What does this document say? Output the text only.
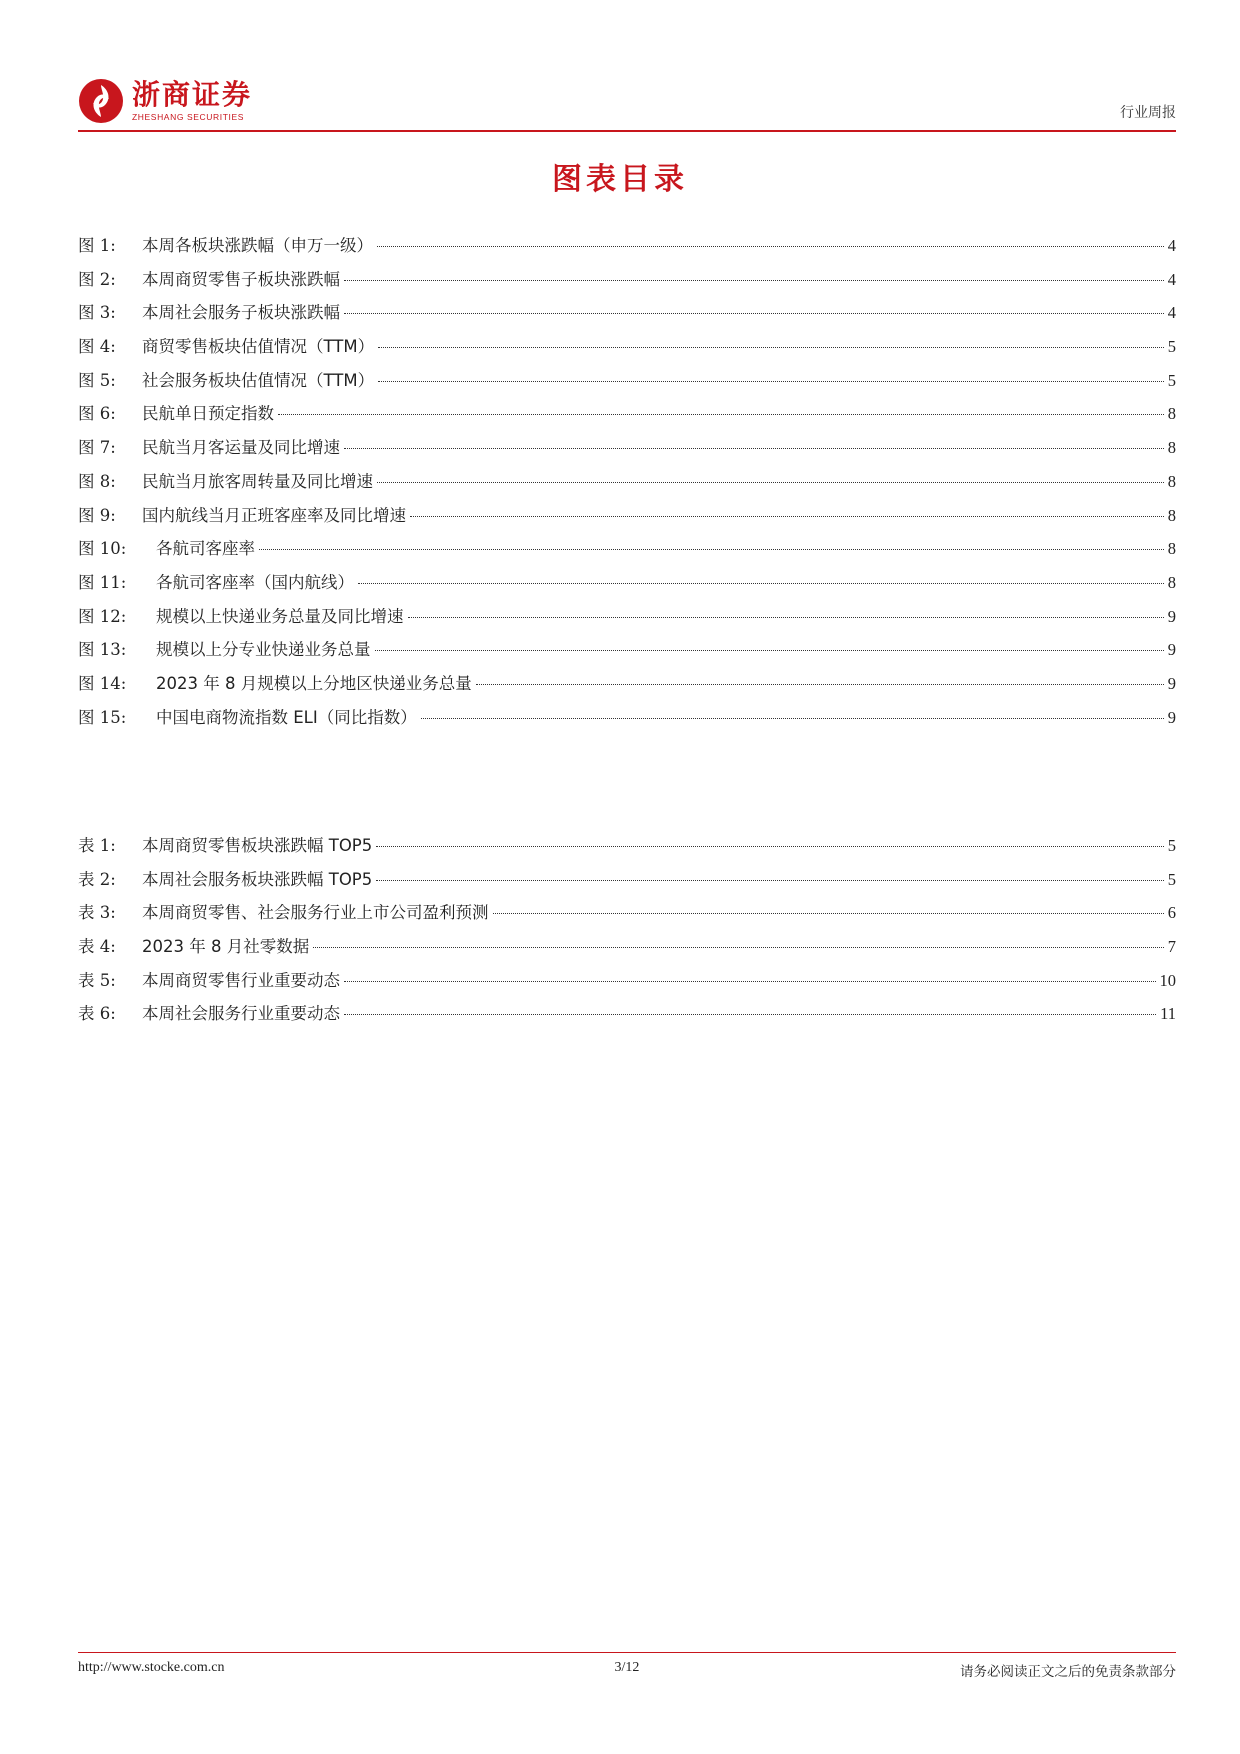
浙商证券
ZHESHANG SECURITIES	行业周报
图表目录
图 1:	本周各板块涨跌幅（申万一级）	4
图 2:	本周商贸零售子板块涨跌幅	4
图 3:	本周社会服务子板块涨跌幅	4
图 4:	商贸零售板块估值情况（TTM）	5
图 5:	社会服务板块估值情况（TTM）	5
图 6:	民航单日预定指数	8
图 7:	民航当月客运量及同比增速	8
图 8:	民航当月旅客周转量及同比增速	8
图 9:	国内航线当月正班客座率及同比增速	8
图 10:	各航司客座率	8
图 11:	各航司客座率（国内航线）	8
图 12:	规模以上快递业务总量及同比增速	9
图 13:	规模以上分专业快递业务总量	9
图 14:	2023 年 8 月规模以上分地区快递业务总量	9
图 15:	中国电商物流指数 ELI（同比指数）	9
表 1:	本周商贸零售板块涨跌幅 TOP5	5
表 2:	本周社会服务板块涨跌幅 TOP5	5
表 3:	本周商贸零售、社会服务行业上市公司盈利预测	6
表 4:	2023 年 8 月社零数据	7
表 5:	本周商贸零售行业重要动态	10
表 6:	本周社会服务行业重要动态	11
http://www.stocke.com.cn	3/12	请务必阅读正文之后的免责条款部分
